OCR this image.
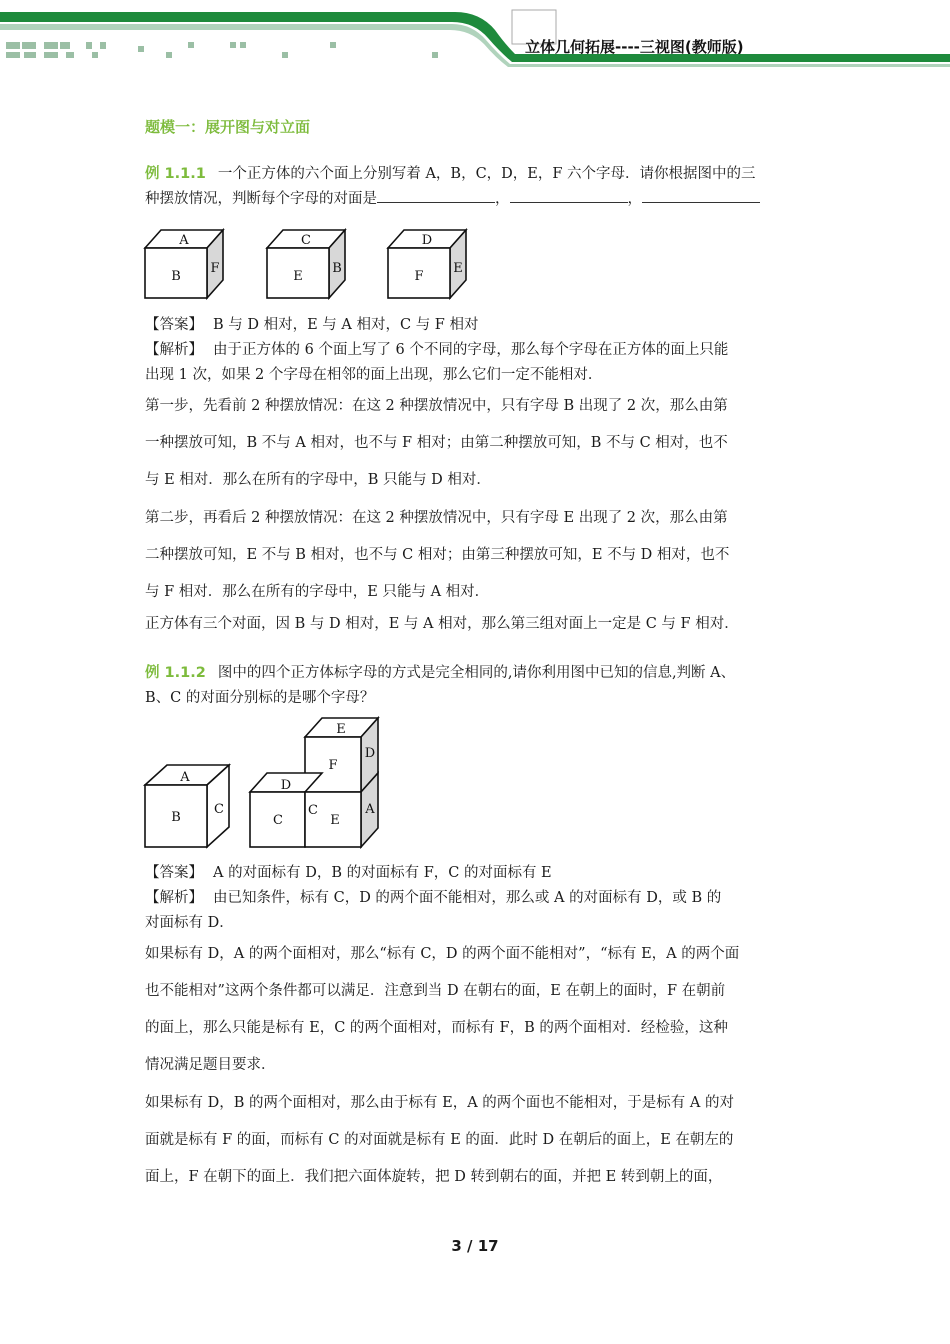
立体几何拓展----三视图(教师版)
题模一：展开图与对立面
例 1.1.1 一个正方体的六个面上分别写着 A，B，C，D，E，F 六个字母．请你根据图中的三
种摆放情况，判断每个字母的对面是	，	，
A
B
F
C
E
B
D
F
E
【答案】 B 与 D 相对，E 与 A 相对，C 与 F 相对
【解析】 由于正方体的 6 个面上写了 6 个不同的字母，那么每个字母在正方体的面上只能
出现 1 次，如果 2 个字母在相邻的面上出现，那么它们一定不能相对．
第一步，先看前 2 种摆放情况：在这 2 种摆放情况中，只有字母 B 出现了 2 次，那么由第
一种摆放可知，B 不与 A 相对，也不与 F 相对；由第二种摆放可知，B 不与 C 相对，也不
与 E 相对．那么在所有的字母中，B 只能与 D 相对．
第二步，再看后 2 种摆放情况：在这 2 种摆放情况中，只有字母 E 出现了 2 次，那么由第
二种摆放可知，E 不与 B 相对，也不与 C 相对；由第三种摆放可知，E 不与 D 相对，也不
与 F 相对．那么在所有的字母中，E 只能与 A 相对．
正方体有三个对面，因 B 与 D 相对，E 与 A 相对，那么第三组对面上一定是 C 与 F 相对．
例 1.1.2 图中的四个正方体标字母的方式是完全相同的,请你利用图中已知的信息,判断 A、
B、C 的对面分别标的是哪个字母？
A
B
C
E
F
D
D
C
C
E
A
【答案】 A 的对面标有 D，B 的对面标有 F，C 的对面标有 E
【解析】 由已知条件，标有 C，D 的两个面不能相对，那么或 A 的对面标有 D，或 B 的
对面标有 D．
如果标有 D，A 的两个面相对，那么“标有 C，D 的两个面不能相对”，“标有 E，A 的两个面
也不能相对”这两个条件都可以满足．注意到当 D 在朝右的面，E 在朝上的面时，F 在朝前
的面上，那么只能是标有 E，C 的两个面相对，而标有 F，B 的两个面相对．经检验，这种
情况满足题目要求．
如果标有 D，B 的两个面相对，那么由于标有 E，A 的两个面也不能相对，于是标有 A 的对
面就是标有 F 的面，而标有 C 的对面就是标有 E 的面．此时 D 在朝后的面上，E 在朝左的
面上，F 在朝下的面上．我们把六面体旋转，把 D 转到朝右的面，并把 E 转到朝上的面，
3 / 17
